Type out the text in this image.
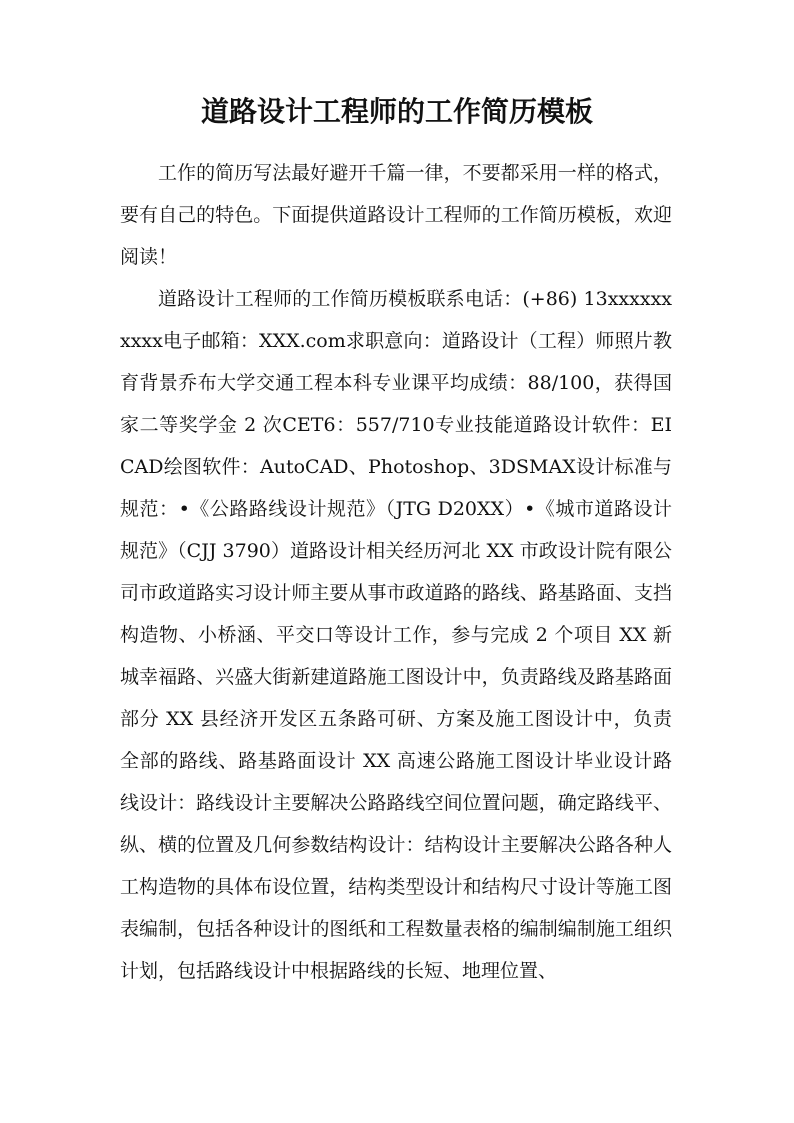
道路设计工程师的工作简历模板

工作的简历写法最好避开千篇一律，不要都采用一样的格式，要有自己的特色。下面提供道路设计工程师的工作简历模板，欢迎阅读！

道路设计工程师的工作简历模板联系电话：(+86) 13xxxxxxxxxx电子邮箱：XXX.com求职意向：道路设计（工程）师照片教育背景乔布大学交通工程本科专业课平均成绩：88/100，获得国家二等奖学金 2 次CET6：557/710专业技能道路设计软件：EICAD绘图软件：AutoCAD、Photoshop、3DSMAX设计标准与规范：•《公路路线设计规范》（JTG D20XX）•《城市道路设计规范》（CJJ 3790）道路设计相关经历河北 XX 市政设计院有限公司市政道路实习设计师主要从事市政道路的路线、路基路面、支挡构造物、小桥涵、平交口等设计工作，参与完成 2 个项目 XX 新城幸福路、兴盛大街新建道路施工图设计中，负责路线及路基路面部分 XX 县经济开发区五条路可研、方案及施工图设计中，负责全部的路线、路基路面设计 XX 高速公路施工图设计毕业设计路线设计：路线设计主要解决公路路线空间位置问题，确定路线平、纵、横的位置及几何参数结构设计：结构设计主要解决公路各种人工构造物的具体布设位置，结构类型设计和结构尺寸设计等施工图表编制，包括各种设计的图纸和工程数量表格的编制编制施工组织计划，包括路线设计中根据路线的长短、地理位置、
